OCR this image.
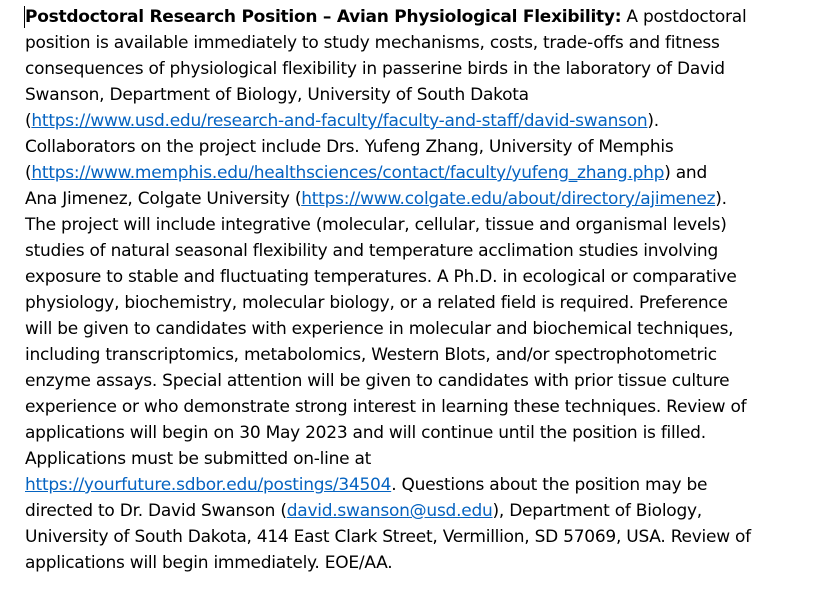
Postdoctoral Research Position – Avian Physiological Flexibility: A postdoctoral
position is available immediately to study mechanisms, costs, trade-offs and fitness
consequences of physiological flexibility in passerine birds in the laboratory of David
Swanson, Department of Biology, University of South Dakota
(https://www.usd.edu/research-and-faculty/faculty-and-staff/david-swanson).
Collaborators on the project include Drs. Yufeng Zhang, University of Memphis
(https://www.memphis.edu/healthsciences/contact/faculty/yufeng_zhang.php) and
Ana Jimenez, Colgate University (https://www.colgate.edu/about/directory/ajimenez).
The project will include integrative (molecular, cellular, tissue and organismal levels)
studies of natural seasonal flexibility and temperature acclimation studies involving
exposure to stable and fluctuating temperatures. A Ph.D. in ecological or comparative
physiology, biochemistry, molecular biology, or a related field is required. Preference
will be given to candidates with experience in molecular and biochemical techniques,
including transcriptomics, metabolomics, Western Blots, and/or spectrophotometric
enzyme assays. Special attention will be given to candidates with prior tissue culture
experience or who demonstrate strong interest in learning these techniques. Review of
applications will begin on 30 May 2023 and will continue until the position is filled.
Applications must be submitted on-line at
https://yourfuture.sdbor.edu/postings/34504. Questions about the position may be
directed to Dr. David Swanson (david.swanson@usd.edu), Department of Biology,
University of South Dakota, 414 East Clark Street, Vermillion, SD 57069, USA. Review of
applications will begin immediately. EOE/AA.
